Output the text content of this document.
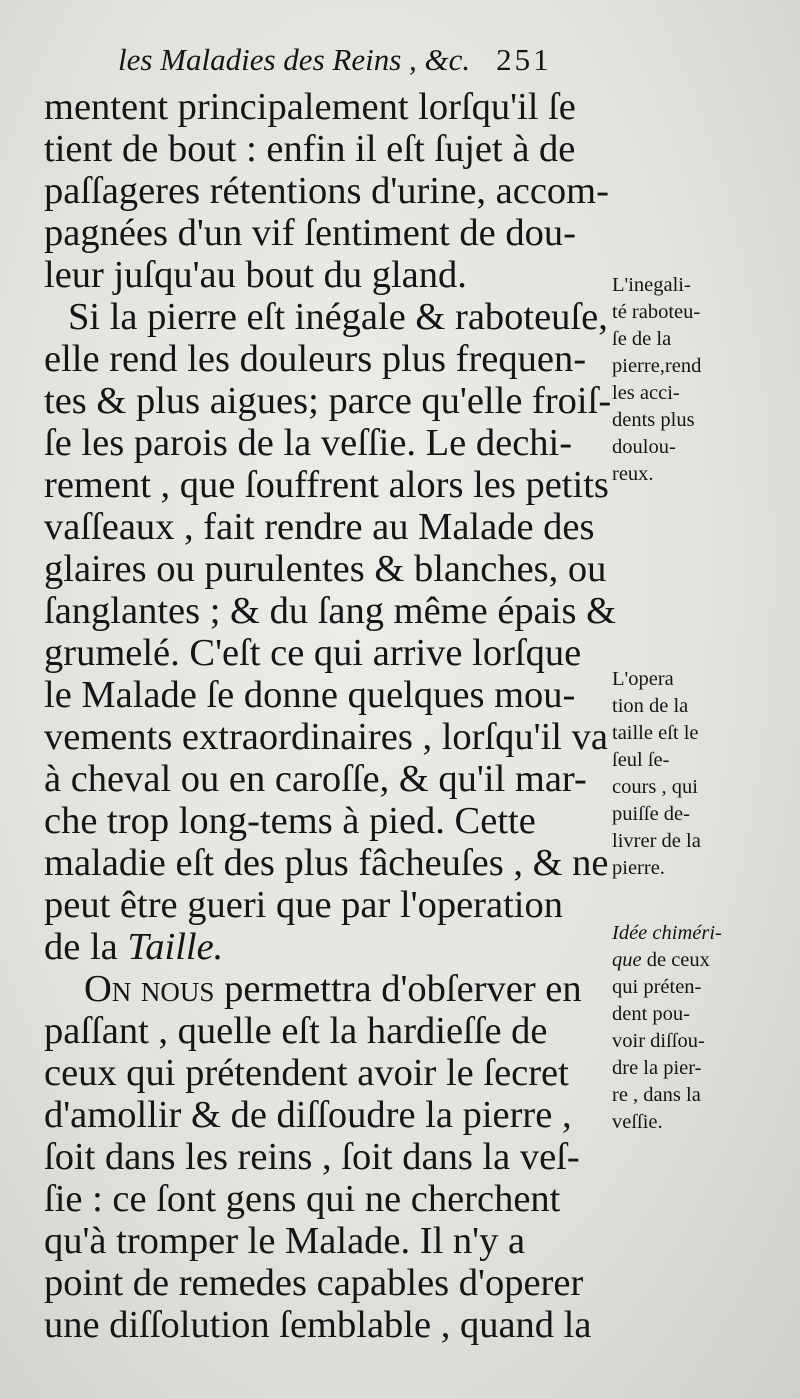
les Maladies des Reins , &c. 251
mentent principalement lorſqu'il ſe
tient de bout : enfin il eſt ſujet à de
paſſageres rétentions d'urine, accom-
pagnées d'un vif ſentiment de dou-
leur juſqu'au bout du gland.
Si la pierre eſt inégale & raboteuſe,
elle rend les douleurs plus frequen-
tes & plus aigues; parce qu'elle froiſ-
ſe les parois de la veſſie. Le dechi-
rement , que ſouffrent alors les petits
vaſſeaux , fait rendre au Malade des
glaires ou purulentes & blanches, ou
ſanglantes ; & du ſang même épais &
grumelé. C'eſt ce qui arrive lorſque
le Malade ſe donne quelques mou-
vements extraordinaires , lorſqu'il va
à cheval ou en caroſſe, & qu'il mar-
che trop long-tems à pied. Cette
maladie eſt des plus fâcheuſes , & ne
peut être gueri que par l'operation
de la Taille.
On nous permettra d'obſerver en
paſſant , quelle eſt la hardieſſe de
ceux qui prétendent avoir le ſecret
d'amollir & de diſſoudre la pierre ,
ſoit dans les reins , ſoit dans la veſ-
ſie : ce ſont gens qui ne cherchent
qu'à tromper le Malade. Il n'y a
point de remedes capables d'operer
une diſſolution ſemblable , quand la
L'inegali-
té raboteu-
ſe de la
pierre,rend
les acci-
dents plus
doulou-
reux.
L'opera
tion de la
taille eſt le
ſeul ſe-
cours , qui
puiſſe de-
livrer de la
pierre.
Idée chiméri-
que de ceux
qui préten-
dent pou-
voir diſſou-
dre la pier-
re , dans la
veſſie.
